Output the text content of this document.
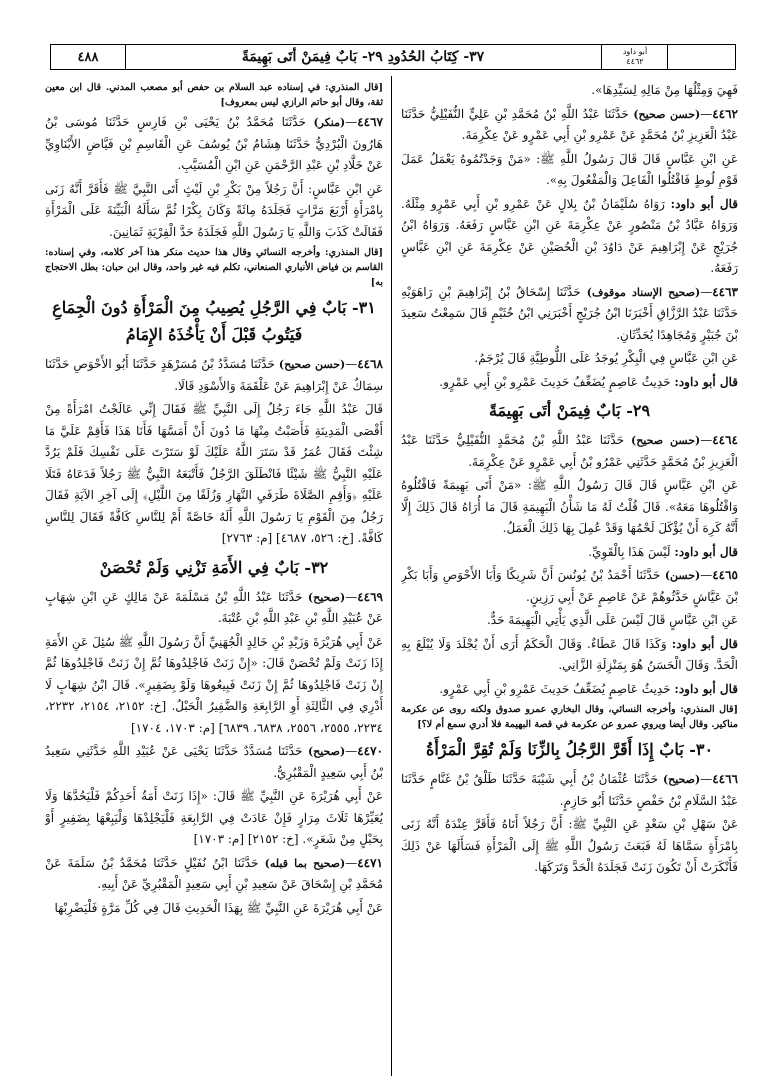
٤٨٨	٣٧- كِتَابُ الحُدُودِ ٢٩- بَابٌ فِيمَنْ أتَى بَهِيمَةً	أبو داود
٤٤٦٢

فَهِيَ وَمِثْلُهَا مِنْ مَالِهِ لِسَيِّدِهَا».

٤٤٦٢—(حسن صحيح) حَدَّثَنَا عَبْدُ اللَّهِ بْنُ مُحَمَّدِ بْنِ عَلِيٍّ النُّفَيْلِيُّ حَدَّثَنَا عَبْدُ الْعَزِيزِ بْنُ مُحَمَّدٍ عَنْ عَمْرِو بْنِ أَبِي عَمْرٍو عَنْ عِكْرِمَةَ.

عَنِ ابْنِ عَبَّاسٍ قَالَ قَالَ رَسُولُ اللَّهِ ﷺ: «مَنْ وَجَدْتُمُوهُ يَعْمَلُ عَمَلَ قَوْمِ لُوطٍ فَاقْتُلُوا الْفَاعِلَ وَالْمَفْعُولَ بِهِ».

قال أبو داود: رَوَاهُ سُلَيْمَانُ بْنُ بِلالٍ عَنْ عَمْرِو بْنِ أَبِي عَمْرٍو مِثْلَهُ. وَرَوَاهُ عَبَّادُ بْنُ مَنْصُورٍ عَنْ عِكْرِمَةَ عَنِ ابْنِ عَبَّاسٍ رَفَعَهُ. وَرَوَاهُ ابْنُ جُرَيْجٍ عَنْ إِبْرَاهِيمَ عَنْ دَاوُدَ بْنِ الْحُصَيْنِ عَنْ عِكْرِمَةَ عَنِ ابْنِ عَبَّاسٍ رَفَعَهُ.

٤٤٦٣—(صحيح الإسناد موقوف) حَدَّثَنَا إِسْحَاقُ بْنُ إِبْرَاهِيمَ بْنِ رَاهَوَيْهِ حَدَّثَنَا عَبْدُ الرَّزَّاقِ أَخْبَرَنَا ابْنُ جُرَيْجٍ أَخْبَرَنِي ابْنُ خُثَيْمٍ قَالَ سَمِعْتُ سَعِيدَ بْنَ جُبَيْرٍ وَمُجَاهِدًا يُحَدِّثَانِ.

عَنِ ابْنِ عَبَّاسٍ فِي الْبِكْرِ يُوجَدُ عَلَى اللُّوطِيَّةِ قَالَ يُرْجَمُ.

قال أبو داود: حَدِيثُ عَاصِمٍ يُضَعِّفُ حَدِيثَ عَمْرِو بْنِ أَبِي عَمْرٍو.

٢٩- بَابٌ فِيمَنْ أتَى بَهِيمَةً

٤٤٦٤—(حسن صحيح) حَدَّثَنَا عَبْدُ اللَّهِ بْنُ مُحَمَّدٍ النُّفَيْلِيُّ حَدَّثَنَا عَبْدُ الْعَزِيزِ بْنُ مُحَمَّدٍ حَدَّثَنِي عَمْرُو بْنُ أَبِي عَمْرٍو عَنْ عِكْرِمَةَ.

عَنِ ابْنِ عَبَّاسٍ قَالَ قَالَ رَسُولُ اللَّهِ ﷺ: «مَنْ أَتَى بَهِيمَةً فَاقْتُلُوهُ وَاقْتُلُوهَا مَعَهُ». قَالَ قُلْتُ لَهُ مَا شَأْنُ الْبَهِيمَةِ قَالَ مَا أُرَاهُ قَالَ ذَلِكَ إِلَّا أَنَّهُ كَرِهَ أَنْ يُؤْكَلَ لَحْمُهَا وَقَدْ عُمِلَ بِهَا ذَلِكَ الْعَمَلُ.

قال أبو داود: لَيْسَ هَذَا بِالْقَوِيِّ.

٤٤٦٥—(حسن) حَدَّثَنَا أَحْمَدُ بْنُ يُونُسَ أَنَّ شَرِيكًا وَأَبَا الأَحْوَصِ وَأَبَا بَكْرِ بْنَ عَيَّاشٍ حَدَّثُوهُمْ عَنْ عَاصِمٍ عَنْ أَبِي رَزِينٍ.

عَنِ ابْنِ عَبَّاسٍ قَالَ لَيْسَ عَلَى الَّذِي يَأْتِي الْبَهِيمَةَ حَدٌّ.

قال أبو داود: وَكَذَا قَالَ عَطَاءٌ. وَقَالَ الْحَكَمُ أَرَى أَنْ يُجْلَدَ وَلَا يُبْلَغَ بِهِ الْحَدَّ. وَقَالَ الْحَسَنُ هُوَ بِمَنْزِلَةِ الزَّانِي.

قال أبو داود: حَدِيثُ عَاصِمٍ يُضَعِّفُ حَدِيثَ عَمْرِو بْنِ أَبِي عَمْرٍو.

[قال المنذري: وأخرجه النسائي، وقال البخاري عمرو صدوق ولكنه روى عن عكرمة مناكير. وقال أيضا ويروي عمرو عن عكرمة في قصة البهيمة فلا أدري سمع أم لا؟]

٣٠- بَابٌ إِذَا أَقَرَّ الرَّجُلُ بِالزِّنَا وَلَمْ تُقِرَّ الْمَرْأَةُ

٤٤٦٦—(صحيح) حَدَّثَنَا عُثْمَانُ بْنُ أَبِي شَيْبَةَ حَدَّثَنَا طَلْقُ بْنُ غَنَّامٍ حَدَّثَنَا عَبْدُ السَّلَامِ بْنُ حَفْصٍ حَدَّثَنَا أَبُو حَازِمٍ.

عَنْ سَهْلِ بْنِ سَعْدٍ عَنِ النَّبِيِّ ﷺ: أَنَّ رَجُلاً أَتَاهُ فَأَقَرَّ عِنْدَهُ أَنَّهُ زَنَى بِامْرَأَةٍ سَمَّاهَا لَهُ فَبَعَثَ رَسُولُ اللَّهِ ﷺ إِلَى الْمَرْأَةِ فَسَأَلَهَا عَنْ ذَلِكَ فَأَنْكَرَتْ أَنْ تَكُونَ زَنَتْ فَجَلَدَهُ الْحَدَّ وَتَرَكَهَا.

[قال المنذري: في إسناده عبد السلام بن حفص أبو مصعب المدني. قال ابن معين ثقة، وقال أبو حاتم الرازي ليس بمعروف]

٤٤٦٧—(منكر) حَدَّثَنَا مُحَمَّدُ بْنُ يَحْيَى بْنِ فَارِسٍ حَدَّثَنَا مُوسَى بْنُ هَارُونَ الْبُرْدِيُّ حَدَّثَنَا هِشَامُ بْنُ يُوسُفَ عَنِ الْقَاسِمِ بْنِ فَيَّاضٍ الأَبْنَاوِيِّ عَنْ خَلَّادِ بْنِ عَبْدِ الرَّحْمَنِ عَنِ ابْنِ الْمُسَيَّبِ.

عَنِ ابْنِ عَبَّاسٍ: أَنَّ رَجُلاً مِنْ بَكْرِ بْنِ لَيْثٍ أَتَى النَّبِيَّ ﷺ فَأَقَرَّ أَنَّهُ زَنَى بِامْرَأَةٍ أَرْبَعَ مَرَّاتٍ فَجَلَدَهُ مِائَةً وَكَانَ بِكْرًا ثُمَّ سَأَلَهُ الْبَيِّنَةَ عَلَى الْمَرْأَةِ فَقَالَتْ كَذَبَ وَاللَّهِ يَا رَسُولَ اللَّهِ فَجَلَدَهُ حَدَّ الْفِرْيَةِ ثَمَانِينَ.

[قال المنذري: وأخرجه النسائي وقال هذا حديث منكر هذا آخر كلامه، وفي إسناده: القاسم بن فياض الأنباري الصنعاني، تكلم فيه غير واحد، وقال ابن حبان: بطل الاحتجاج به]

٣١- بَابٌ فِي الرَّجُلِ يُصِيبُ مِنَ الْمَرْأَةِ دُونَ الْجِمَاعِ فَيَتُوبُ قَبْلَ أَنْ يَأْخُذَهُ الإِمَامُ

٤٤٦٨—(حسن صحيح) حَدَّثَنَا مُسَدَّدُ بْنُ مُسَرْهَدٍ حَدَّثَنَا أَبُو الأَحْوَصِ حَدَّثَنَا سِمَاكٌ عَنْ إِبْرَاهِيمَ عَنْ عَلْقَمَةَ وَالأَسْوَدِ قَالَا.

قَالَ عَبْدُ اللَّهِ جَاءَ رَجُلٌ إِلَى النَّبِيِّ ﷺ فَقَالَ إِنِّي عَالَجْتُ امْرَأَةً مِنْ أَقْصَى الْمَدِينَةِ فَأَصَبْتُ مِنْهَا مَا دُونَ أَنْ أَمَسَّهَا فَأَنَا هَذَا فَأَقِمْ عَلَيَّ مَا شِئْتَ فَقَالَ عُمَرُ قَدْ سَتَرَ اللَّهُ عَلَيْكَ لَوْ سَتَرْتَ عَلَى نَفْسِكَ فَلَمْ يَرُدَّ عَلَيْهِ النَّبِيُّ ﷺ شَيْئًا فَانْطَلَقَ الرَّجُلُ فَأَتْبَعَهُ النَّبِيُّ ﷺ رَجُلاً فَدَعَاهُ فَتَلَا عَلَيْهِ ﴿وَأَقِمِ الصَّلَاةَ طَرَفَيِ النَّهَارِ وَزُلَفًا مِنَ اللَّيْلِ﴾ إِلَى آخِرِ الآيَةِ فَقَالَ رَجُلٌ مِنَ الْقَوْمِ يَا رَسُولَ اللَّهِ أَلَهُ خَاصَّةً أَمْ لِلنَّاسِ كَافَّةً فَقَالَ لِلنَّاسِ كَافَّةً. [خ: ٥٢٦، ٤٦٨٧] [م: ٢٧٦٣]

٣٢- بَابٌ فِي الأَمَةِ تَزْنِي وَلَمْ تُحْصَنْ

٤٤٦٩—(صحيح) حَدَّثَنَا عَبْدُ اللَّهِ بْنُ مَسْلَمَةَ عَنْ مَالِكٍ عَنِ ابْنِ شِهَابٍ عَنْ عُبَيْدِ اللَّهِ بْنِ عَبْدِ اللَّهِ بْنِ عُتْبَةَ.

عَنْ أَبِي هُرَيْرَةَ وَزَيْدِ بْنِ خَالِدٍ الْجُهَنِيِّ أَنَّ رَسُولَ اللَّهِ ﷺ سُئِلَ عَنِ الأَمَةِ إِذَا زَنَتْ وَلَمْ تُحْصَنْ قَالَ: «إِنْ زَنَتْ فَاجْلِدُوهَا ثُمَّ إِنْ زَنَتْ فَاجْلِدُوهَا ثُمَّ إِنْ زَنَتْ فَاجْلِدُوهَا ثُمَّ إِنْ زَنَتْ فَبِيعُوهَا وَلَوْ بِضَفِيرٍ». قَالَ ابْنُ شِهَابٍ لَا أَدْرِي فِي الثَّالِثَةِ أَوِ الرَّابِعَةِ وَالضَّفِيرُ الْحَبْلُ. [خ: ٢١٥٢، ٢١٥٤، ٢٢٣٢، ٢٢٣٤، ٢٥٥٥، ٢٥٥٦، ٦٨٣٨، ٦٨٣٩] [م: ١٧٠٣، ١٧٠٤]

٤٤٧٠—(صحيح) حَدَّثَنَا مُسَدَّدٌ حَدَّثَنَا يَحْيَى عَنْ عُبَيْدِ اللَّهِ حَدَّثَنِي سَعِيدُ بْنُ أَبِي سَعِيدٍ الْمَقْبُرِيُّ.

عَنْ أَبِي هُرَيْرَةَ عَنِ النَّبِيِّ ﷺ قَالَ: «إِذَا زَنَتْ أَمَةُ أَحَدِكُمْ فَلْيَحُدَّهَا وَلَا يُعَيِّرْهَا ثَلَاثَ مِرَارٍ فَإِنْ عَادَتْ فِي الرَّابِعَةِ فَلْيَجْلِدْهَا وَلْيَبِعْهَا بِضَفِيرٍ أَوْ بِحَبْلٍ مِنْ شَعَرٍ». [خ: ٢١٥٢] [م: ١٧٠٣]

٤٤٧١—(صحيح بما قبله) حَدَّثَنَا ابْنُ نُفَيْلٍ حَدَّثَنَا مُحَمَّدُ بْنُ سَلَمَةَ عَنْ مُحَمَّدِ بْنِ إِسْحَاقَ عَنْ سَعِيدِ بْنِ أَبِي سَعِيدٍ الْمَقْبُرِيِّ عَنْ أَبِيهِ.

عَنْ أَبِي هُرَيْرَةَ عَنِ النَّبِيِّ ﷺ بِهَذَا الْحَدِيثِ قَالَ فِي كُلِّ مَرَّةٍ فَلْيَضْرِبْهَا
